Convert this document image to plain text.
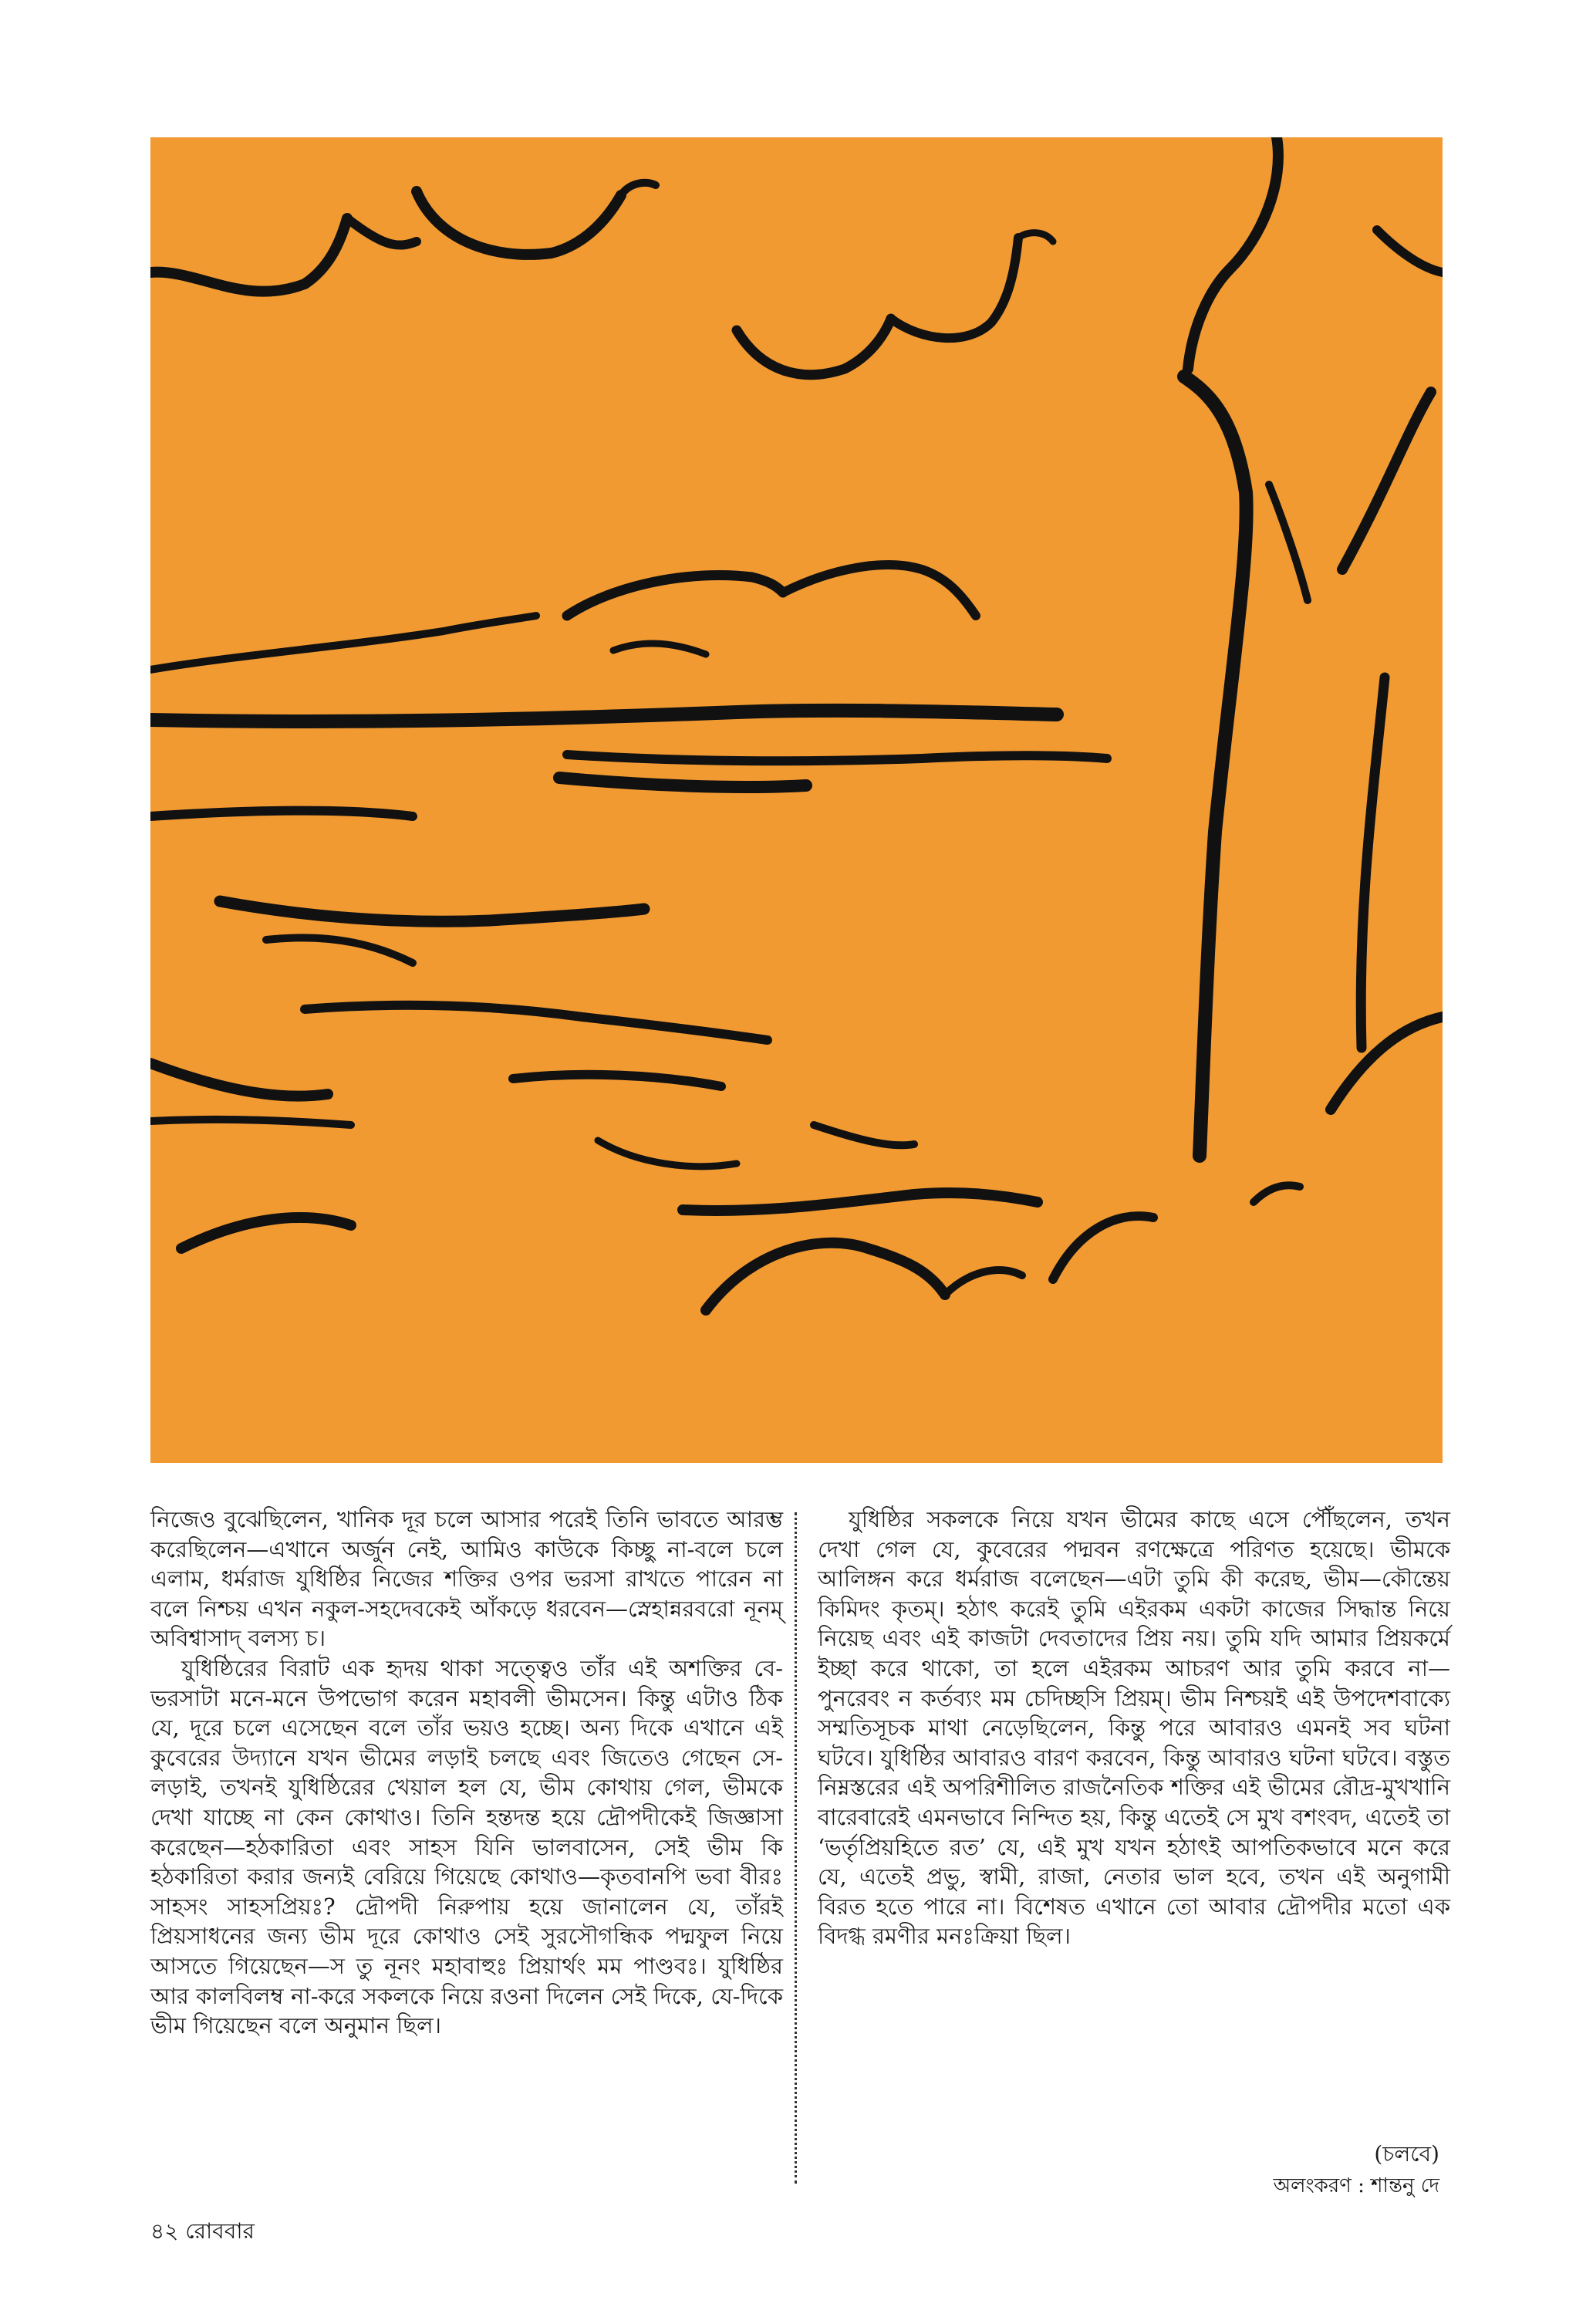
নিজেও বুঝেছিলেন, খানিক দূর চলে আসার পরেই তিনি ভাবতে আরম্ভ করেছিলেন—এখানে অর্জুন নেই, আমিও কাউকে কিচ্ছু না-বলে চলে এলাম, ধর্মরাজ যুধিষ্ঠির নিজের শক্তির ওপর ভরসা রাখতে পারেন না বলে নিশ্চয় এখন নকুল-সহদেবকেই আঁকড়ে ধরবেন—স্নেহান্নরবরো নূনম্ অবিশ্বাসাদ্ বলস্য চ।

যুধিষ্ঠিরের বিরাট এক হৃদয় থাকা সত্ত্বেও তাঁর এই অশক্তির বে-ভরসাটা মনে-মনে উপভোগ করেন মহাবলী ভীমসেন। কিন্তু এটাও ঠিক যে, দূরে চলে এসেছেন বলে তাঁর ভয়ও হচ্ছে। অন্য দিকে এখানে এই কুবেরের উদ্যানে যখন ভীমের লড়াই চলছে এবং জিতেও গেছেন সে-লড়াই, তখনই যুধিষ্ঠিরের খেয়াল হল যে, ভীম কোথায় গেল, ভীমকে দেখা যাচ্ছে না কেন কোথাও। তিনি হন্তদন্ত হয়ে দ্রৌপদীকেই জিজ্ঞাসা করেছেন—হঠকারিতা এবং সাহস যিনি ভালবাসেন, সেই ভীম কি হঠকারিতা করার জন্যই বেরিয়ে গিয়েছে কোথাও—কৃতবানপি ভবা বীরঃ সাহসং সাহসপ্রিয়ঃ? দ্রৌপদী নিরুপায় হয়ে জানালেন যে, তাঁরই প্রিয়সাধনের জন্য ভীম দূরে কোথাও সেই সুরসৌগন্ধিক পদ্মফুল নিয়ে আসতে গিয়েছেন—স তু নূনং মহাবাহুঃ প্রিয়ার্থং মম পাণ্ডবঃ। যুধিষ্ঠির আর কালবিলম্ব না-করে সকলকে নিয়ে রওনা দিলেন সেই দিকে, যে-দিকে ভীম গিয়েছেন বলে অনুমান ছিল।

যুধিষ্ঠির সকলকে নিয়ে যখন ভীমের কাছে এসে পৌঁছলেন, তখন দেখা গেল যে, কুবেরের পদ্মবন রণক্ষেত্রে পরিণত হয়েছে। ভীমকে আলিঙ্গন করে ধর্মরাজ বলেছেন—এটা তুমি কী করেছ, ভীম—কৌন্তেয় কিমিদং কৃতম্। হঠাৎ করেই তুমি এইরকম একটা কাজের সিদ্ধান্ত নিয়ে নিয়েছ এবং এই কাজটা দেবতাদের প্রিয় নয়। তুমি যদি আমার প্রিয়কর্মে ইচ্ছা করে থাকো, তা হলে এইরকম আচরণ আর তুমি করবে না—পুনরেবং ন কর্তব্যং মম চেদিচ্ছসি প্রিয়ম্। ভীম নিশ্চয়ই এই উপদেশবাক্যে সম্মতিসূচক মাথা নেড়েছিলেন, কিন্তু পরে আবারও এমনই সব ঘটনা ঘটবে। যুধিষ্ঠির আবারও বারণ করবেন, কিন্তু আবারও ঘটনা ঘটবে। বস্তুত নিম্নস্তরের এই অপরিশীলিত রাজনৈতিক শক্তির এই ভীমের রৌদ্র-মুখখানি বারেবারেই এমনভাবে নিন্দিত হয়, কিন্তু এতেই সে মুখ বশংবদ, এতেই তা ‘ভর্তৃপ্রিয়হিতে রত’ যে, এই মুখ যখন হঠাৎই আপতিকভাবে মনে করে যে, এতেই প্রভু, স্বামী, রাজা, নেতার ভাল হবে, তখন এই অনুগামী বিরত হতে পারে না। বিশেষত এখানে তো আবার দ্রৌপদীর মতো এক বিদগ্ধ রমণীর মনঃক্রিয়া ছিল।

(চলবে)
অলংকরণ : শান্তনু দে
৪২ রোববার
